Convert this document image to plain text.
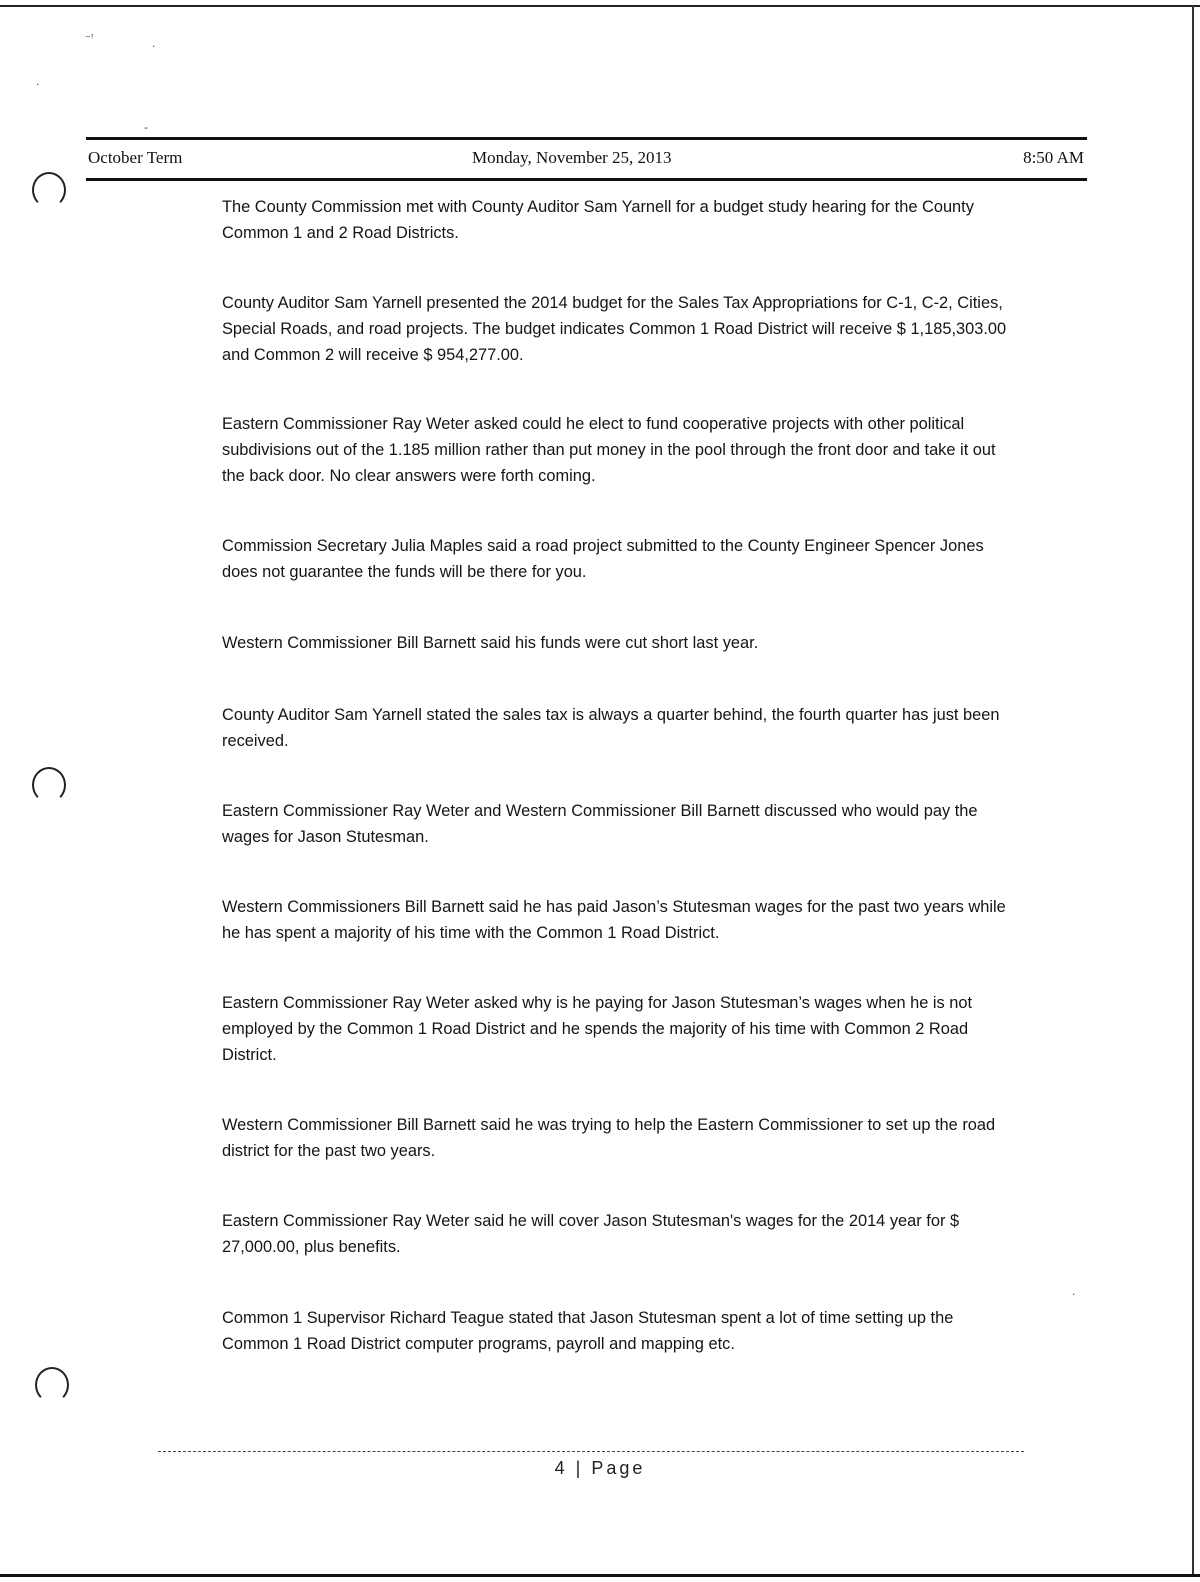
⁻ꜝ
·
·
‐
·
October Term	Monday, November 25, 2013	8:50 AM

The County Commission met with County Auditor Sam Yarnell for a budget study hearing for the County Common 1 and 2 Road Districts.

County Auditor Sam Yarnell presented the 2014 budget for the Sales Tax Appropriations for C-1, C-2, Cities, Special Roads, and road projects. The budget indicates Common 1 Road District will receive $ 1,185,303.00 and Common 2 will receive $ 954,277.00.

Eastern Commissioner Ray Weter asked could he elect to fund cooperative projects with other political subdivisions out of the 1.185 million rather than put money in the pool through the front door and take it out the back door. No clear answers were forth coming.

Commission Secretary Julia Maples said a road project submitted to the County Engineer Spencer Jones does not guarantee the funds will be there for you.

Western Commissioner Bill Barnett said his funds were cut short last year.

County Auditor Sam Yarnell stated the sales tax is always a quarter behind, the fourth quarter has just been received.

Eastern Commissioner Ray Weter and Western Commissioner Bill Barnett discussed who would pay the wages for Jason Stutesman.

Western Commissioners Bill Barnett said he has paid Jason’s Stutesman wages for the past two years while he has spent a majority of his time with the Common 1 Road District.

Eastern Commissioner Ray Weter asked why is he paying for Jason Stutesman’s wages when he is not employed by the Common 1 Road District and he spends the majority of his time with Common 2 Road District.

Western Commissioner Bill Barnett said he was trying to help the Eastern Commissioner to set up the road district for the past two years.

Eastern Commissioner Ray Weter said he will cover Jason Stutesman's wages for the 2014 year for $ 27,000.00, plus benefits.

Common 1 Supervisor Richard Teague stated that Jason Stutesman spent a lot of time setting up the Common 1 Road District computer programs, payroll and mapping etc.

4 | Page
